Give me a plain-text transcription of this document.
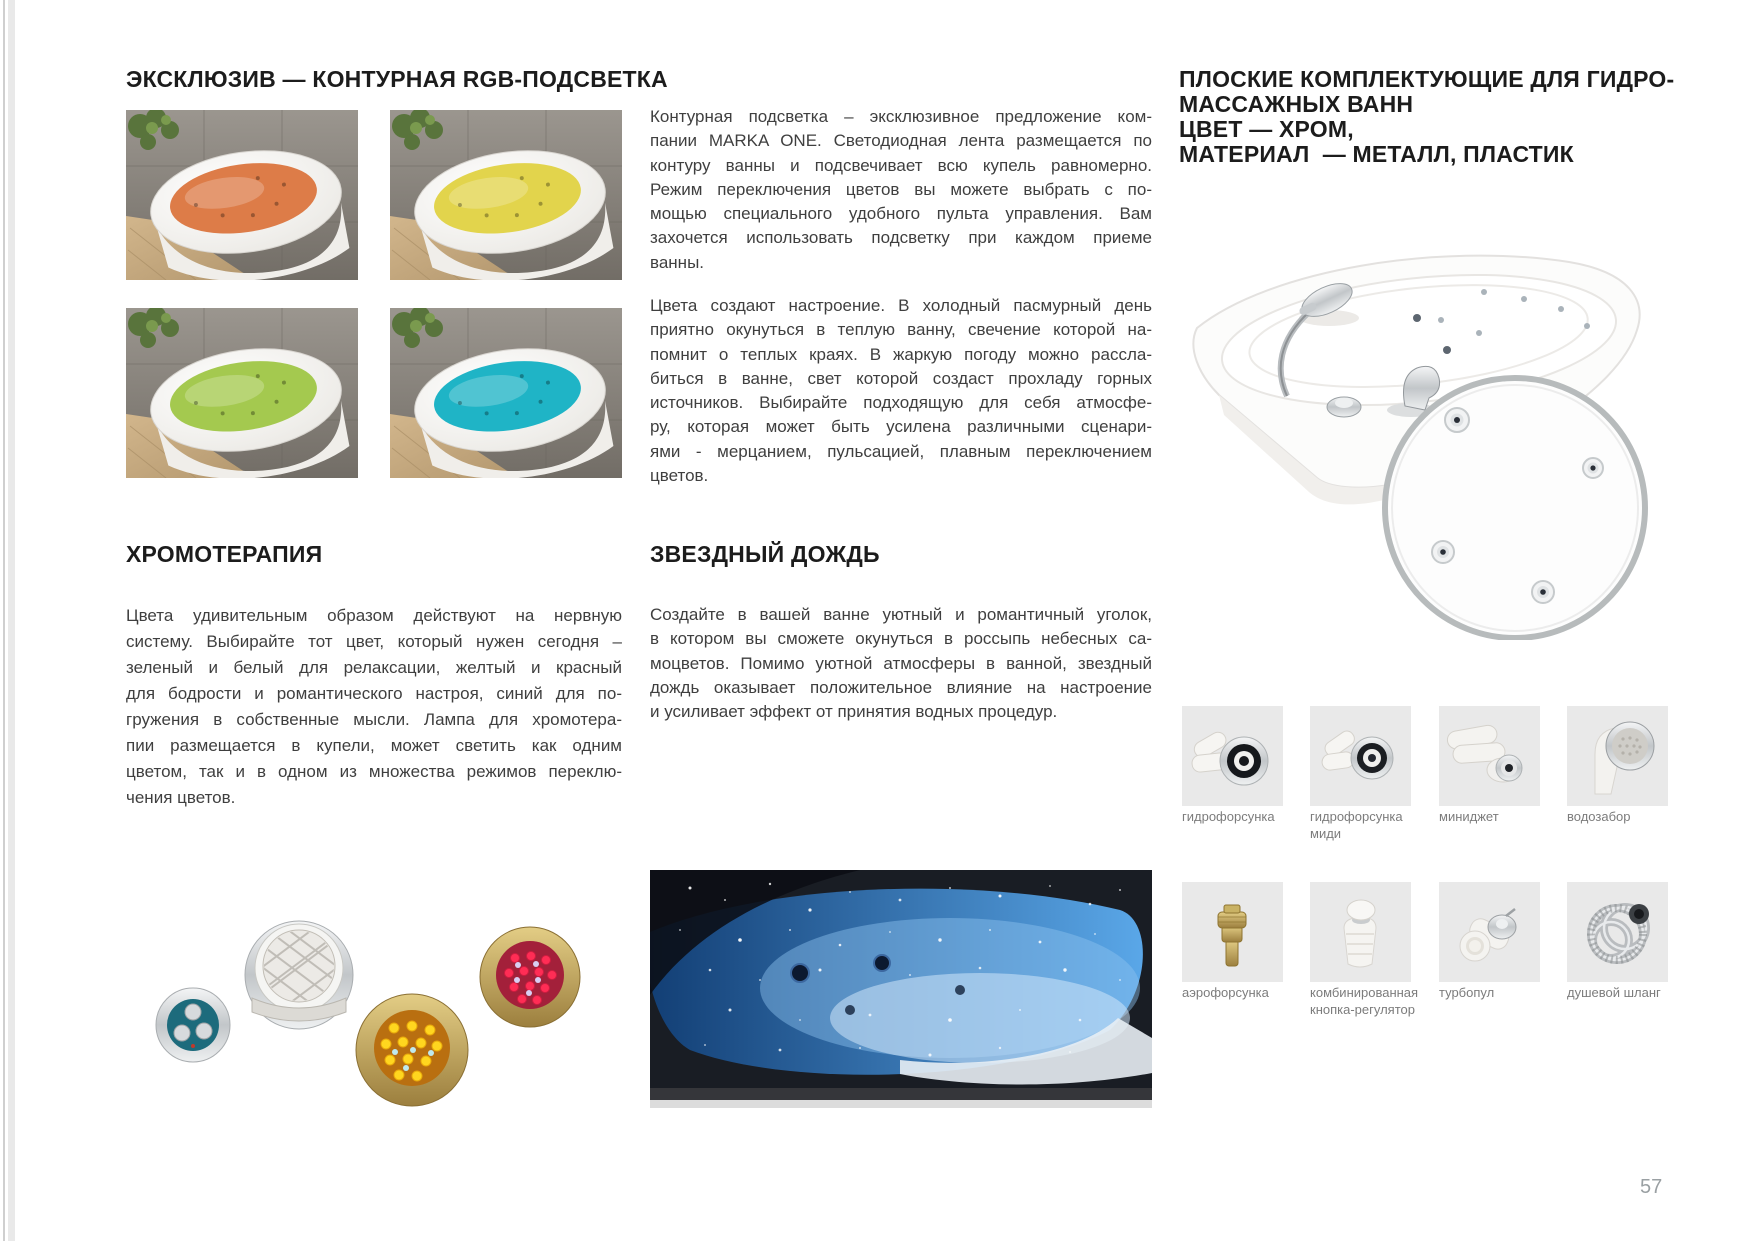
ЭКСКЛЮЗИВ — КОНТУРНАЯ RGB-ПОДСВЕТКА
ХРОМОТЕРАПИЯ
Цвета удивительным образом действуют на нервную
систему. Выбирайте тот цвет, который нужен сегодня –
зеленый и белый для релаксации, желтый и красный
для бодрости и романтического настроя, синий для по-
гружения в собственные мысли. Лампа для хромотера-
пии размещается в купели, может светить как одним
цветом, так и в одном из множества режимов переклю-
чения цветов.
Контурная подсветка – эксклюзивное предложение ком-
пании MARKA ONE. Светодиодная лента размещается по
контуру ванны и подсвечивает всю купель равномерно.
Режим переключения цветов вы можете выбрать с по-
мощью специального удобного пульта управления. Вам
захочется использовать подсветку при каждом приеме
ванны.
Цвета создают настроение. В холодный пасмурный день
приятно окунуться в теплую ванну, свечение которой на-
помнит о теплых краях. В жаркую погоду можно рассла-
биться в ванне, свет которой создаст прохладу горных
источников. Выбирайте подходящую для себя атмосфе-
ру, которая может быть усилена различными сценари-
ями - мерцанием, пульсацией, плавным переключением
цветов.
ЗВЕЗДНЫЙ ДОЖДЬ
Создайте в вашей ванне уютный и романтичный уголок,
в котором вы сможете окунуться в россыпь небесных са-
моцветов. Помимо уютной атмосферы в ванной, звездный
дождь оказывает положительное влияние на настроение
и усиливает эффект от принятия водных процедур.
ПЛОСКИЕ КОМПЛЕКТУЮЩИЕ ДЛЯ ГИДРО-
МАССАЖНЫХ ВАНН
ЦВЕТ — ХРОМ,
МАТЕРИАЛ  — МЕТАЛЛ, ПЛАСТИК
гидрофорсунка	гидрофорсунка миди
миниджет	водозабор
аэрофорсунка	комбинированная кнопка-регулятор
турбопул	душевой шланг
57
